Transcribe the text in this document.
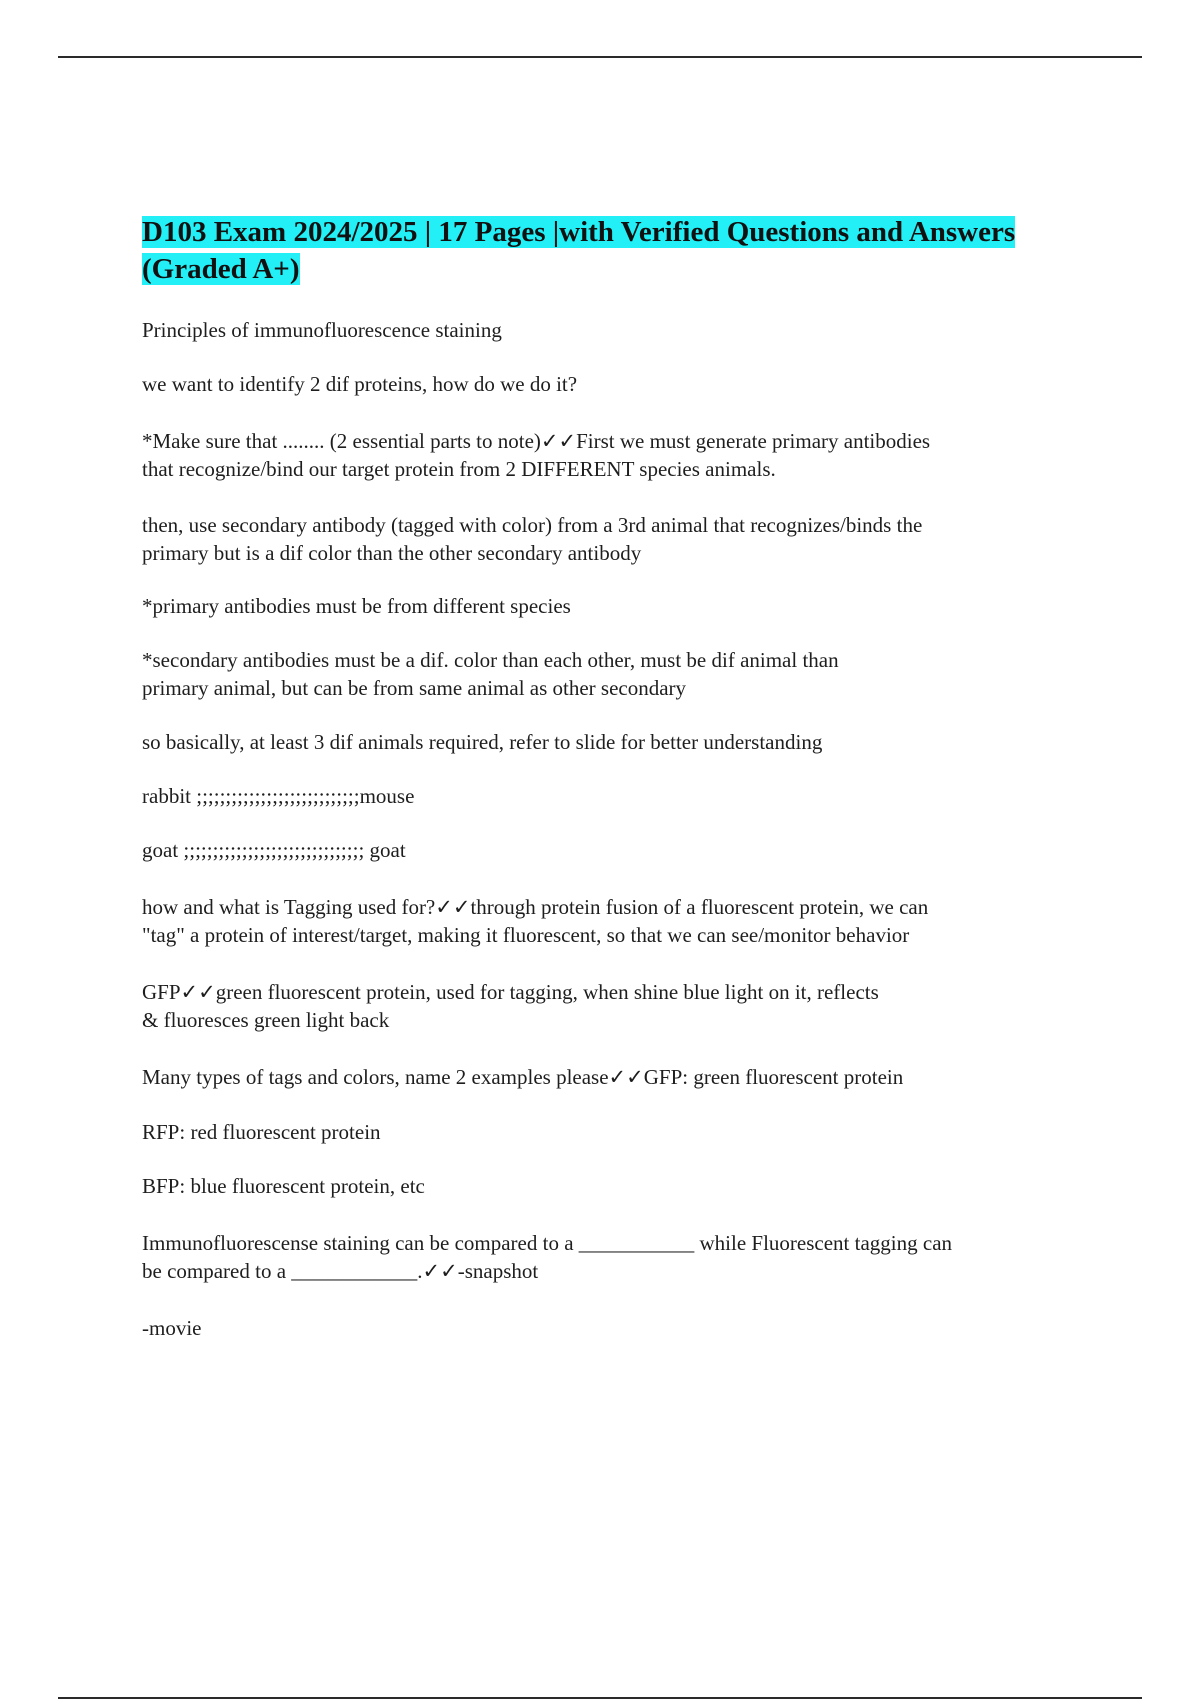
D103 Exam 2024/2025 | 17 Pages |with Verified Questions and Answers (Graded A+)

Principles of immunofluorescence staining

we want to identify 2 dif proteins, how do we do it?

*Make sure that ........ (2 essential parts to note)✓✓First we must generate primary antibodies
that recognize/bind our target protein from 2 DIFFERENT species animals.

then, use secondary antibody (tagged with color) from a 3rd animal that recognizes/binds the
primary but is a dif color than the other secondary antibody

*primary antibodies must be from different species

*secondary antibodies must be a dif. color than each other, must be dif animal than
primary animal, but can be from same animal as other secondary

so basically, at least 3 dif animals required, refer to slide for better understanding

rabbit ;;;;;;;;;;;;;;;;;;;;;;;;;;;;mouse

goat ;;;;;;;;;;;;;;;;;;;;;;;;;;;;;;; goat

how and what is Tagging used for?✓✓through protein fusion of a fluorescent protein, we can
"tag" a protein of interest/target, making it fluorescent, so that we can see/monitor behavior

GFP✓✓green fluorescent protein, used for tagging, when shine blue light on it, reflects
& fluoresces green light back

Many types of tags and colors, name 2 examples please✓✓GFP: green fluorescent protein

RFP: red fluorescent protein

BFP: blue fluorescent protein, etc

Immunofluorescense staining can be compared to a ___________ while Fluorescent tagging can
be compared to a ____________.✓✓-snapshot

-movie
